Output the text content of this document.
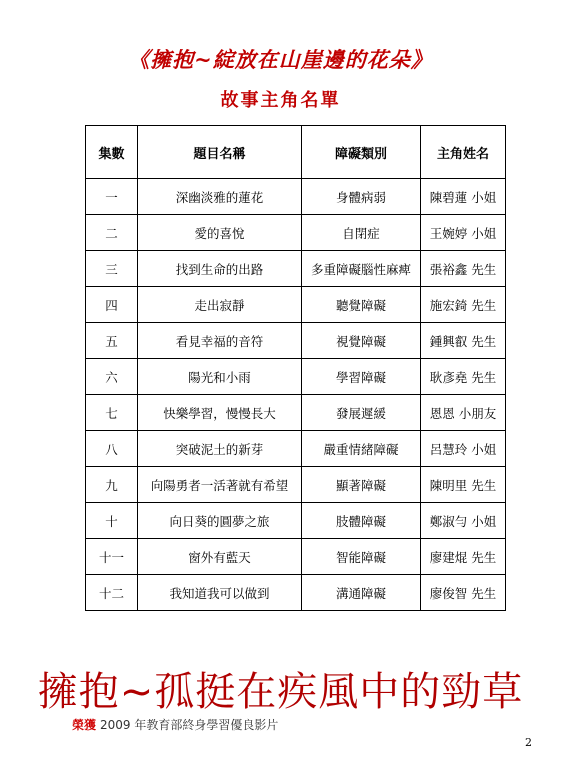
《擁抱~綻放在山崖邊的花朵》
故事主角名單
集數	題目名稱	障礙類別	主角姓名
一	深幽淡雅的蓮花	身體病弱	陳碧蓮 小姐
二	愛的喜悅	自閉症	王婉婷 小姐
三	找到生命的出路	多重障礙腦性麻痺	張裕鑫 先生
四	走出寂靜	聽覺障礙	施宏錡 先生
五	看見幸福的音符	視覺障礙	鍾興叡 先生
六	陽光和小雨	學習障礙	耿彥堯 先生
七	快樂學習，慢慢長大	發展遲緩	恩恩 小朋友
八	突破泥土的新芽	嚴重情緒障礙	呂慧玲 小姐
九	向陽勇者一活著就有希望	顯著障礙	陳明里 先生
十	向日葵的圓夢之旅	肢體障礙	鄭淑勻 小姐
十一	窗外有藍天	智能障礙	廖建焜 先生
十二	我知道我可以做到	溝通障礙	廖俊智 先生
擁抱~孤挺在疾風中的勁草
榮獲 2009 年教育部終身學習優良影片
2
